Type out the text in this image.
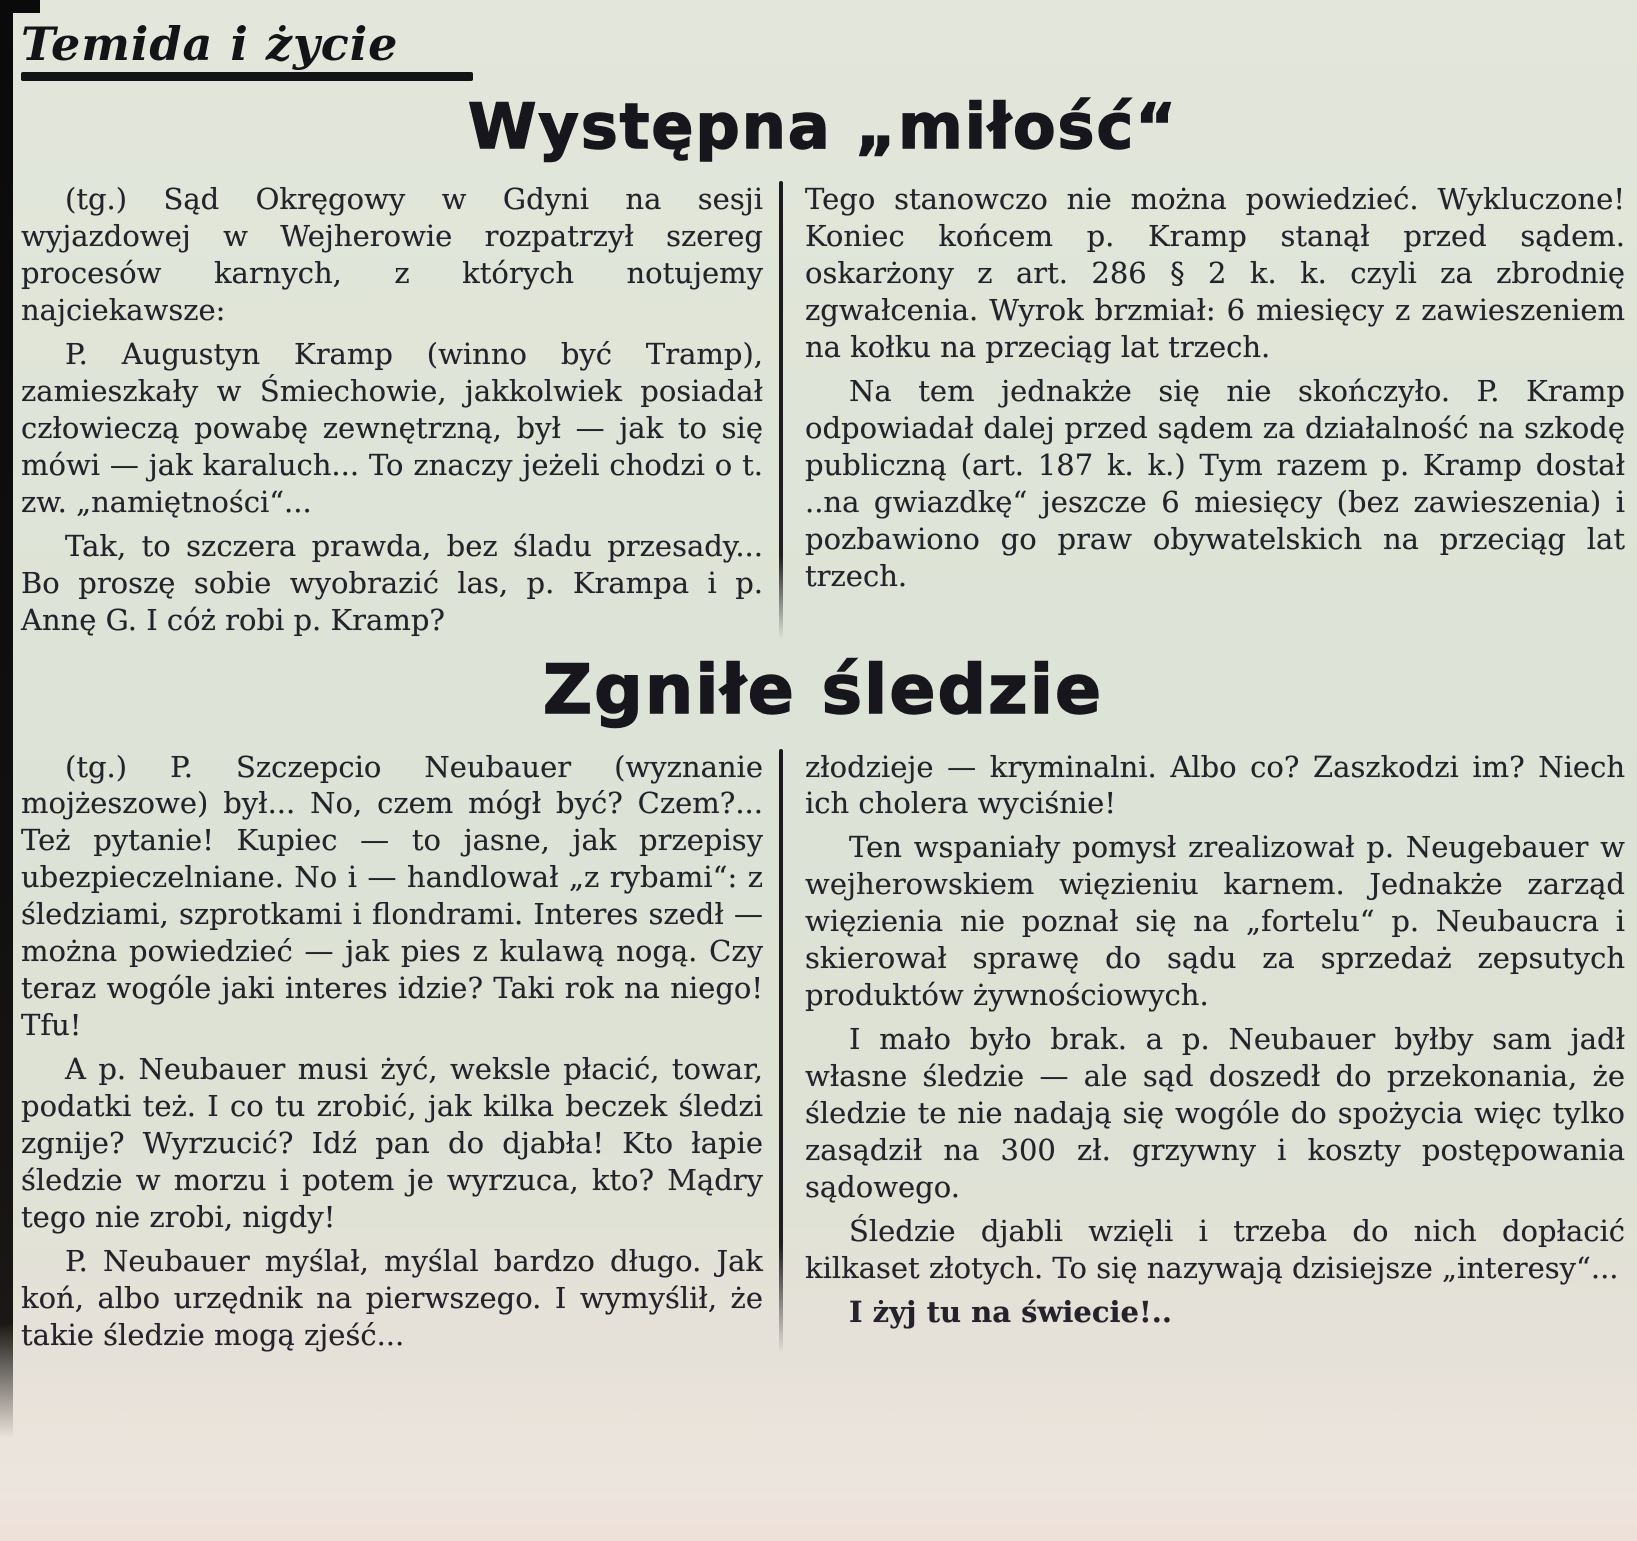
Temida i życie
Występna „miłość“

(tg.) Sąd Okręgowy w Gdyni na sesji wyjazdowej w Wejherowie rozpatrzył szereg procesów karnych, z których notujemy najciekawsze:

P. Augustyn Kramp (winno być Tramp), zamieszkały w Śmiechowie, jakkolwiek posiadał człowieczą powabę zewnętrzną, był — jak to się mówi — jak karaluch... To znaczy jeżeli chodzi o t. zw. „namiętności“...

Tak, to szczera prawda, bez śladu przesady... Bo proszę sobie wyobrazić las, p. Krampa i p. Annę G. I cóż robi p. Kramp?

Tego stanowczo nie można powiedzieć. Wykluczone! Koniec końcem p. Kramp stanął przed sądem. oskarżony z art. 286 § 2 k. k. czyli za zbrodnię zgwałcenia. Wyrok brzmiał: 6 miesięcy z zawieszeniem na kołku na przeciąg lat trzech.

Na tem jednakże się nie skończyło. P. Kramp odpowiadał dalej przed sądem za działalność na szkodę publiczną (art. 187 k. k.) Tym razem p. Kramp dostał ..na gwiazdkę“ jeszcze 6 miesięcy (bez zawieszenia) i pozbawiono go praw obywatelskich na przeciąg lat trzech.

Zgniłe śledzie

(tg.) P. Szczepcio Neubauer (wyznanie mojżeszowe) był... No, czem mógł być? Czem?... Też pytanie! Kupiec — to jasne, jak przepisy ubezpieczelniane. No i — handlował „z rybami“: z śledziami, szprotkami i flondrami. Interes szedł — można powiedzieć — jak pies z kulawą nogą. Czy teraz wogóle jaki interes idzie? Taki rok na niego! Tfu!

A p. Neubauer musi żyć, weksle płacić, towar, podatki też. I co tu zrobić, jak kilka beczek śledzi zgnije? Wyrzucić? Idź pan do djabła! Kto łapie śledzie w morzu i potem je wyrzuca, kto? Mądry tego nie zrobi, nigdy!

P. Neubauer myślał, myślal bardzo długo. Jak koń, albo urzędnik na pierwszego. I wymyślił, że takie śledzie mogą zjeść...

złodzieje — kryminalni. Albo co? Zaszkodzi im? Niech ich cholera wyciśnie!

Ten wspaniały pomysł zrealizował p. Neugebauer w wejherowskiem więzieniu karnem. Jednakże zarząd więzienia nie poznał się na „fortelu“ p. Neubaucra i skierował sprawę do sądu za sprzedaż zepsutych produktów żywnościowych.

I mało było brak. a p. Neubauer byłby sam jadł własne śledzie — ale sąd doszedł do przekonania, że śledzie te nie nadają się wogóle do spożycia więc tylko zasądził na 300 zł. grzywny i koszty postępowania sądowego.

Śledzie djabli wzięli i trzeba do nich dopłacić kilkaset złotych. To się nazywają dzisiejsze „interesy“...

I żyj tu na świecie!..
